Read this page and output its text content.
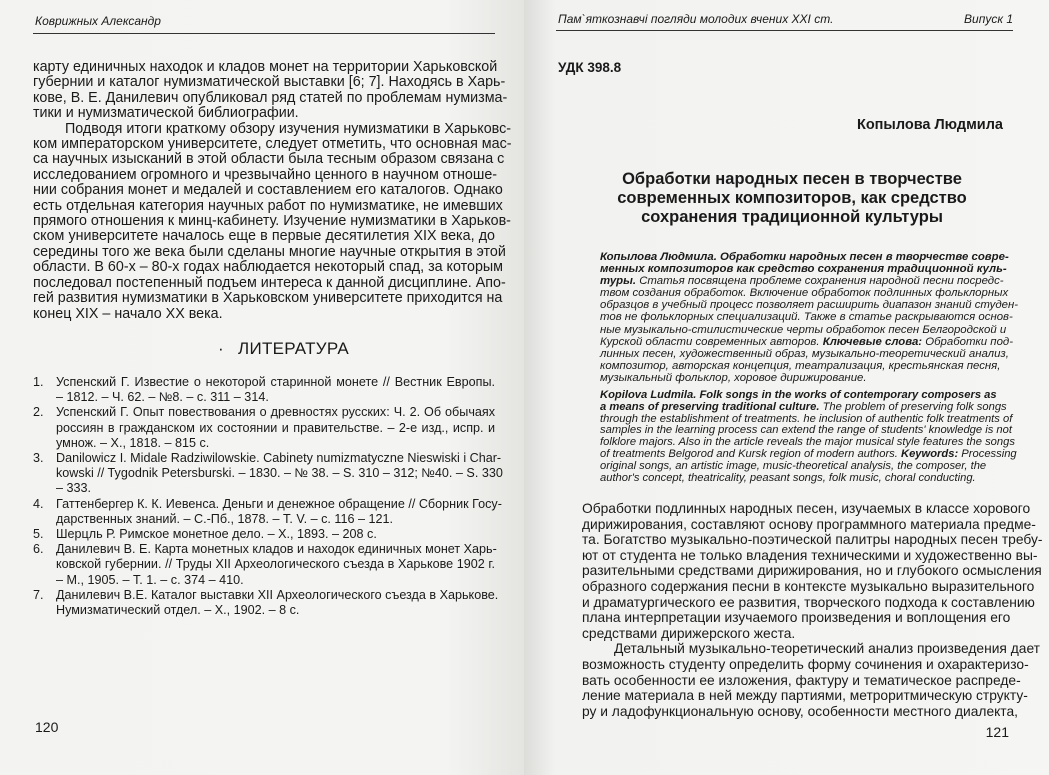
Коврижных Александр
карту единичных находок и кладов монет на территории Харьковской
губернии и каталог нумизматической выставки [6; 7]. Находясь в Харь-
кове, В. Е. Данилевич опубликовал ряд статей по проблемам нумизма-
тики и нумизматической библиографии.
Подводя итоги краткому обзору изучения нумизматики в Харьковс-
ком императорском университете, следует отметить, что основная мас-
са научных изысканий в этой области была тесным образом связана с
исследованием огромного и чрезвычайно ценного в научном отноше-
нии собрания монет и медалей и составлением его каталогов. Однако
есть отдельная категория научных работ по нумизматике, не имевших
прямого отношения к минц-кабинету. Изучение нумизматики в Харьков-
ском университете началось еще в первые десятилетия XIX века, до
середины того же века были сделаны многие научные открытия в этой
области. В 60-х – 80-х годах наблюдается некоторый спад, за которым
последовал постепенный подъем интереса к данной дисциплине. Апо-
гей развития нумизматики в Харьковском университете приходится на
конец XIX – начало XX века.
· ЛИТЕРАТУРА
1. Успенский Г. Известие о некоторой старинной монете // Вестник Европы.
– 1812. – Ч. 62. – №8. – с. 311 – 314.
2. Успенский Г. Опыт повествования о древностях русских: Ч. 2. Об обычаях
россиян в гражданском их состоянии и правительстве. – 2-е изд., испр. и
умнож. – Х., 1818. – 815 с.
3. Danilowicz I. Midale Radziwilowskie. Cabinety numizmatyczne Nieswiski i Char-
kowski // Tygodnik Petersburski. – 1830. – № 38. – S. 310 – 312; №40. – S. 330
– 333.
4. Гаттенбергер К. К. Иевенса. Деньги и денежное обращение // Сборник Госу-
дарственных знаний. – С.-Пб., 1878. – Т. V. – с. 116 – 121.
5. Шерцль Р. Римское монетное дело. – Х., 1893. – 208 с.
6. Данилевич В. Е. Карта монетных кладов и находок единичных монет Харь-
ковской губернии. // Труды XII Археологического съезда в Харькове 1902 г.
– М., 1905. – Т. 1. – с. 374 – 410.
7. Данилевич В.Е. Каталог выставки XII Археологического съезда в Харькове.
Нумизматический отдел. – Х., 1902. – 8 с.
120
Пам`яткознавчі погляди молодих вчених XXI ст.	Випуск 1
УДК 398.8
Копылова Людмила
Обработки народных песен в творчестве
современных композиторов, как средство
сохранения традиционной культуры
Копылова Людмила. Обработки народных песен в творчестве совре-
менных композиторов как средство сохранения традиционной куль-
туры. Статья посвящена проблеме сохранения народной песни посредс-
твом создания обработок. Включение обработок подлинных фольклорных
образцов в учебный процесс позволяет расширить диапазон знаний студен-
тов не фольклорных специализаций. Также в статье раскрываются основ-
ные музыкально-стилистические черты обработок песен Белгородской и
Курской области современных авторов. Ключевые слова: Обработки под-
линных песен, художественный образ, музыкально-теоретический анализ,
композитор, авторская концепция, театрализация, крестьянская песня,
музыкальный фольклор, хоровое дирижирование.
Kopilova Ludmila. Folk songs in the works of contemporary composers as
a means of preserving traditional culture. The problem of preserving folk songs
through the establishment of treatments. he inclusion of authentic folk treatments of
samples in the learning process can extend the range of students' knowledge is not
folklore majors. Also in the article reveals the major musical style features the songs
of treatments Belgorod and Kursk region of modern authors. Keywords: Processing
original songs, an artistic image, music-theoretical analysis, the composer, the
author's concept, theatricality, peasant songs, folk music, choral conducting.
Обработки подлинных народных песен, изучаемых в классе хорового
дирижирования, составляют основу программного материала предме-
та. Богатство музыкально-поэтической палитры народных песен требу-
ют от студента не только владения техническими и художественно вы-
разительными средствами дирижирования, но и глубокого осмысления
образного содержания песни в контексте музыкально выразительного
и драматургического ее развития, творческого подхода к составлению
плана интерпретации изучаемого произведения и воплощения его
средствами дирижерского жеста.
Детальный музыкально-теоретический анализ произведения дает
возможность студенту определить форму сочинения и охарактеризо-
вать особенности ее изложения, фактуру и тематическое распреде-
ление материала в ней между партиями, метроритмическую структу-
ру и ладофункциональную основу, особенности местного диалекта,
121
